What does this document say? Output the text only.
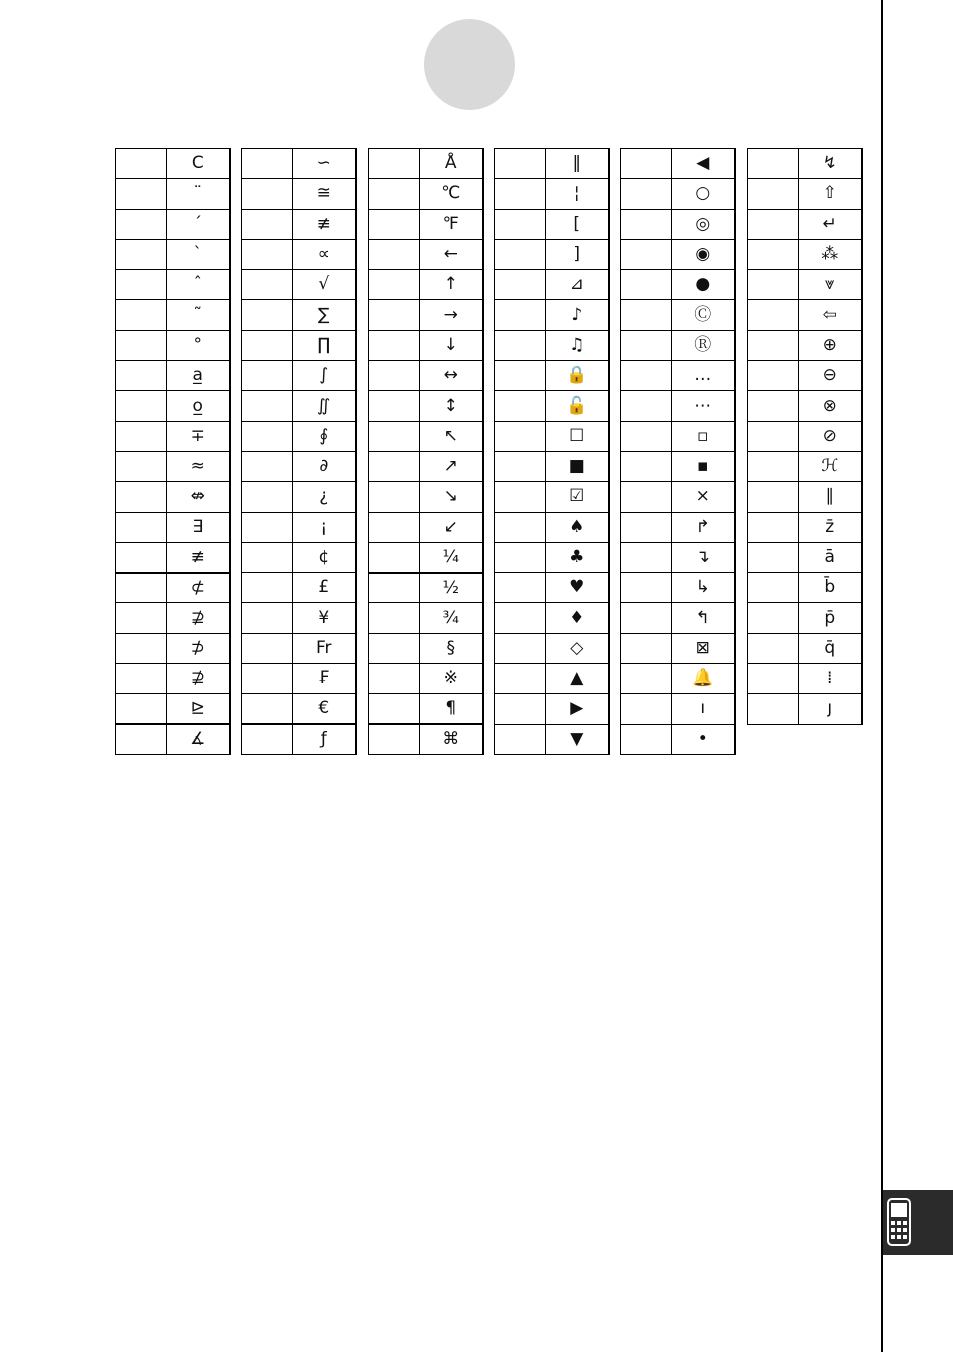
	C
	¨
	´
	`
	ˆ
	˜
	°
	a̲
	o̲
	∓
	≈
	⇎
	∃
	≢
	⊄
	⊉
	⊅
	⊉
	⊵
	∡
	∽
	≅
	≢
	∝
	√
	∑
	∏
	∫
	∬
	∮
	∂
	¿
	¡
	¢
	£
	¥
	Fr
	₣
	€
	ƒ
	Å
	℃
	℉
	←
	↑
	→
	↓
	↔
	↕
	↖
	↗
	↘
	↙
	¼
	½
	¾
	§
	※
	¶
	⌘
	‖
	¦
	[
	]
	⊿
	♪
	♫
	🔒
	🔓
	☐
	■
	☑
	♠
	♣
	♥
	♦
	◇
	▲
	▶
	▼
	◀
	○
	◎
	◉
	●
	Ⓒ
	Ⓡ
	…
	⋯
	▫
	▪
	×
	↱
	↴
	↳
	↰
	⊠
	🔔
	ı
	•
	↯
	⇧
	↵
	⁂
	⩔
	⇦
	⊕
	⊖
	⊗
	⊘
	ℋ
	∥
	z̄
	ā
	b̄
	p̄
	q̄
	⁞
	ȷ
